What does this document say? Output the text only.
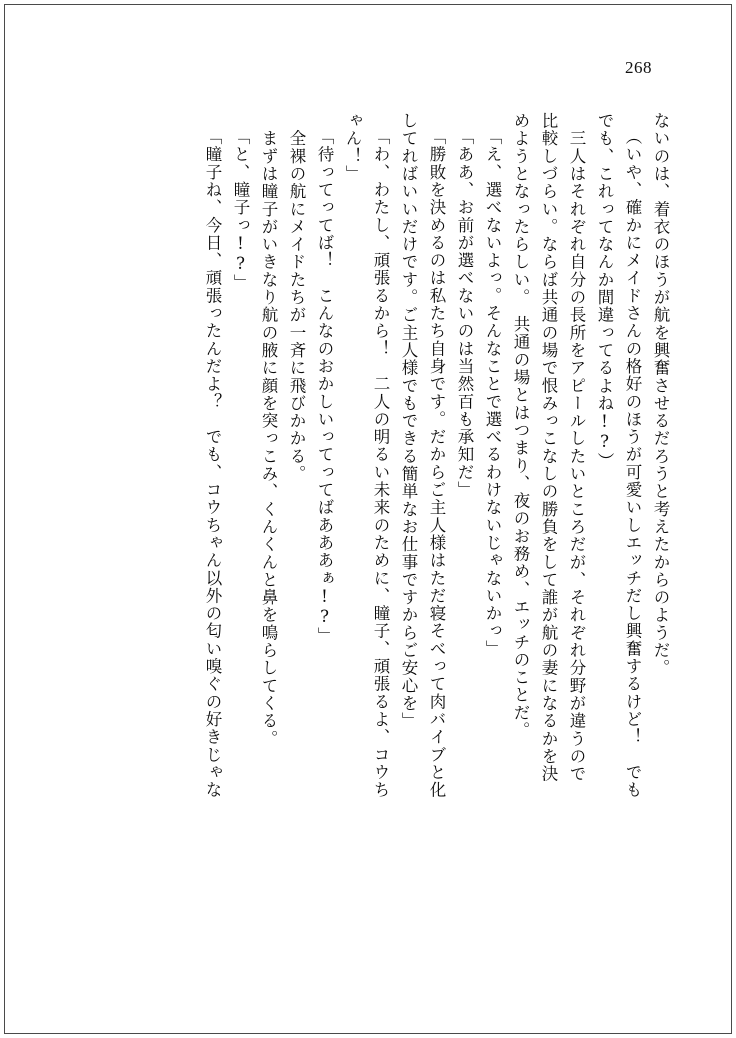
268
ないのは、着衣のほうが航を興奮させるだろうと考えたからのようだ。
（いや、確かにメイドさんの格好のほうが可愛いしエッチだし興奮するけど！　でも
でも、これってなんか間違ってるよね!?）
　三人はそれぞれ自分の長所をアピールしたいところだが、それぞれ分野が違うので
比較しづらい。ならば共通の場で恨みっこなしの勝負をして誰が航の妻になるかを決
めようとなったらしい。　共通の場とはつまり、夜のお務め、エッチのことだ。
「え、選べないよっ。そんなことで選べるわけないじゃないかっ」
「ああ、お前が選べないのは当然百も承知だ」
「勝敗を決めるのは私たち自身です。だからご主人様はただ寝そべって肉バイブと化
してればいいだけです。ご主人様でもできる簡単なお仕事ですからご安心を」
「わ、わたし、頑張るから！　二人の明るい未来のために、瞳子、頑張るよ、コウち
ゃん！」
「待ってってば！　こんなのおかしいってってばあああぁ!?」
　全裸の航にメイドたちが一斉に飛びかかる。
　まずは瞳子がいきなり航の腋に顔を突っこみ、くんくんと鼻を鳴らしてくる。
「と、瞳子っ!?」
「瞳子ね、今日、頑張ったんだよ？　でも、コウちゃん以外の匂い嗅ぐの好きじゃな
